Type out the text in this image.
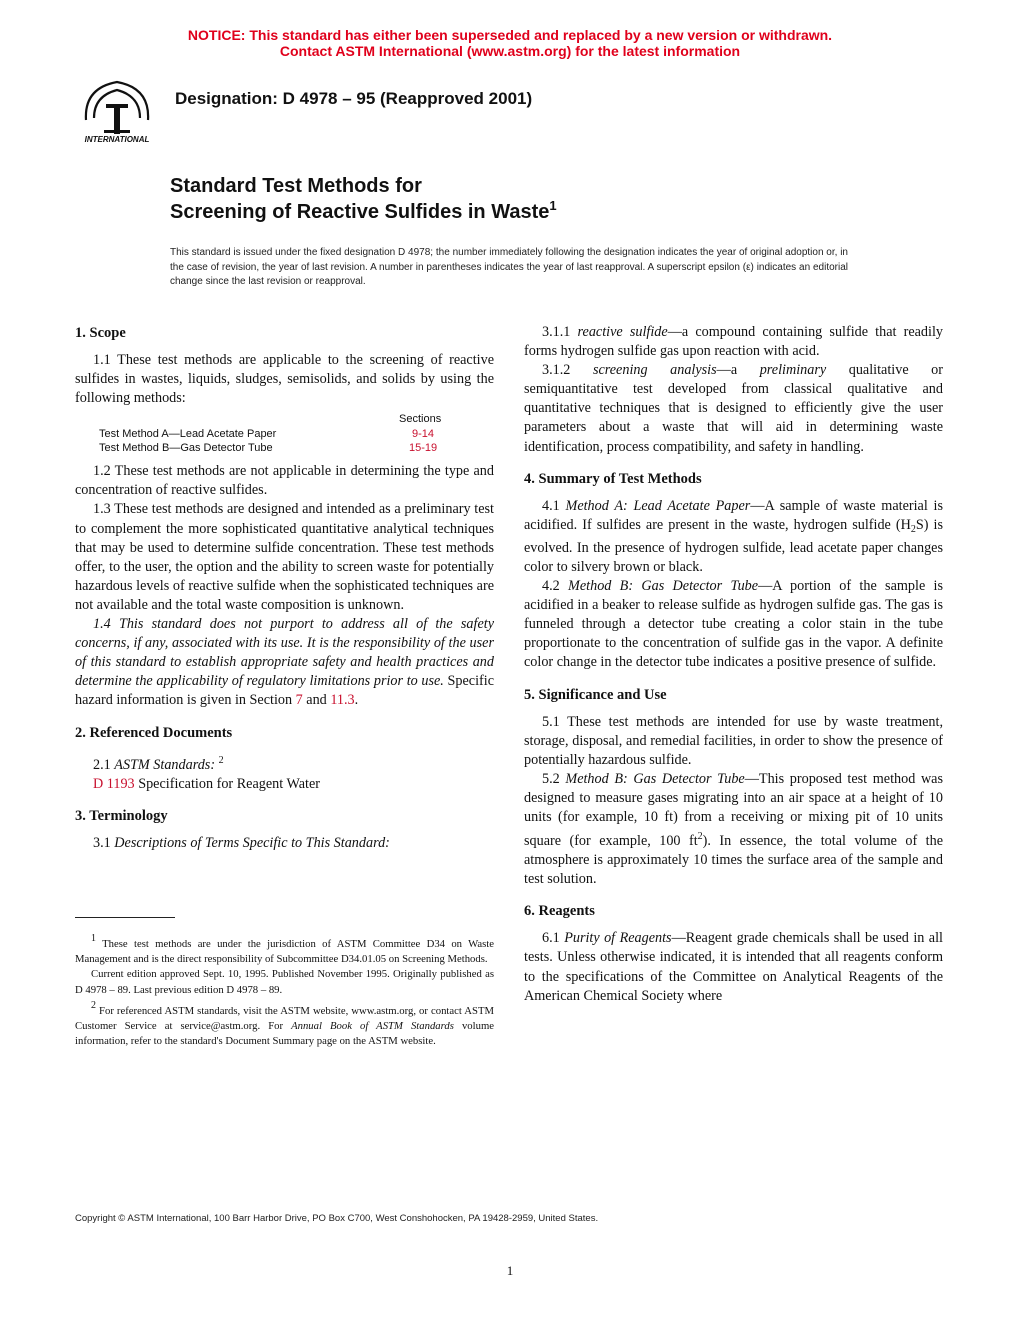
NOTICE: This standard has either been superseded and replaced by a new version or withdrawn.
Contact ASTM International (www.astm.org) for the latest information
INTERNATIONAL
Designation: D 4978 – 95 (Reapproved 2001)
Standard Test Methods for
Screening of Reactive Sulfides in Waste$^1$
This standard is issued under the fixed designation D 4978; the number immediately following the designation indicates the year of original adoption or, in the case of revision, the year of last revision. A number in parentheses indicates the year of last reapproval. A superscript epsilon (ε) indicates an editorial change since the last revision or reapproval.
1. Scope

1.1 These test methods are applicable to the screening of reactive sulfides in wastes, liquids, sludges, semisolids, and solids by using the following methods:

Sections
Test Method A—Lead Acetate Paper	9-14
Test Method B—Gas Detector Tube	15-19

1.2 These test methods are not applicable in determining the type and concentration of reactive sulfides.

1.3 These test methods are designed and intended as a preliminary test to complement the more sophisticated quantitative analytical techniques that may be used to determine sulfide concentration. These test methods offer, to the user, the option and the ability to screen waste for potentially hazardous levels of reactive sulfide when the sophisticated techniques are not available and the total waste composition is unknown.

1.4 This standard does not purport to address all of the safety concerns, if any, associated with its use. It is the responsibility of the user of this standard to establish appropriate safety and health practices and determine the applicability of regulatory limitations prior to use. Specific hazard information is given in Section 7 and 11.3.

2. Referenced Documents

2.1 ASTM Standards: $^2$

D 1193 Specification for Reagent Water

3. Terminology

3.1 Descriptions of Terms Specific to This Standard:

3.1.1 reactive sulfide—a compound containing sulfide that readily forms hydrogen sulfide gas upon reaction with acid.

3.1.2 screening analysis—a preliminary qualitative or semiquantitative test developed from classical qualitative and quantitative techniques that is designed to efficiently give the user parameters about a waste that will aid in determining waste identification, process compatibility, and safety in handling.

4. Summary of Test Methods

4.1 Method A: Lead Acetate Paper—A sample of waste material is acidified. If sulfides are present in the waste, hydrogen sulfide $(H_2S)$ is evolved. In the presence of hydrogen sulfide, lead acetate paper changes color to silvery brown or black.

4.2 Method B: Gas Detector Tube—A portion of the sample is acidified in a beaker to release sulfide as hydrogen sulfide gas. The gas is funneled through a detector tube creating a color stain in the tube proportionate to the concentration of sulfide gas in the vapor. A definite color change in the detector tube indicates a positive presence of sulfide.

5. Significance and Use

5.1 These test methods are intended for use by waste treatment, storage, disposal, and remedial facilities, in order to show the presence of potentially hazardous sulfide.

5.2 Method B: Gas Detector Tube—This proposed test method was designed to measure gases migrating into an air space at a height of 10 units (for example, 10 ft) from a receiving or mixing pit of 10 units square (for example, 100 $ft^2$). In essence, the total volume of the atmosphere is approximately 10 times the surface area of the sample and test solution.

6. Reagents

6.1 Purity of Reagents—Reagent grade chemicals shall be used in all tests. Unless otherwise indicated, it is intended that all reagents conform to the specifications of the Committee on Analytical Reagents of the American Chemical Society where

$^1$ These test methods are under the jurisdiction of ASTM Committee D34 on Waste Management and is the direct responsibility of Subcommittee D34.01.05 on Screening Methods.

Current edition approved Sept. 10, 1995. Published November 1995. Originally published as D 4978 – 89. Last previous edition D 4978 – 89.

$^2$ For referenced ASTM standards, visit the ASTM website, www.astm.org, or contact ASTM Customer Service at service@astm.org. For Annual Book of ASTM Standards volume information, refer to the standard's Document Summary page on the ASTM website.

Copyright © ASTM International, 100 Barr Harbor Drive, PO Box C700, West Conshohocken, PA 19428-2959, United States.
1
